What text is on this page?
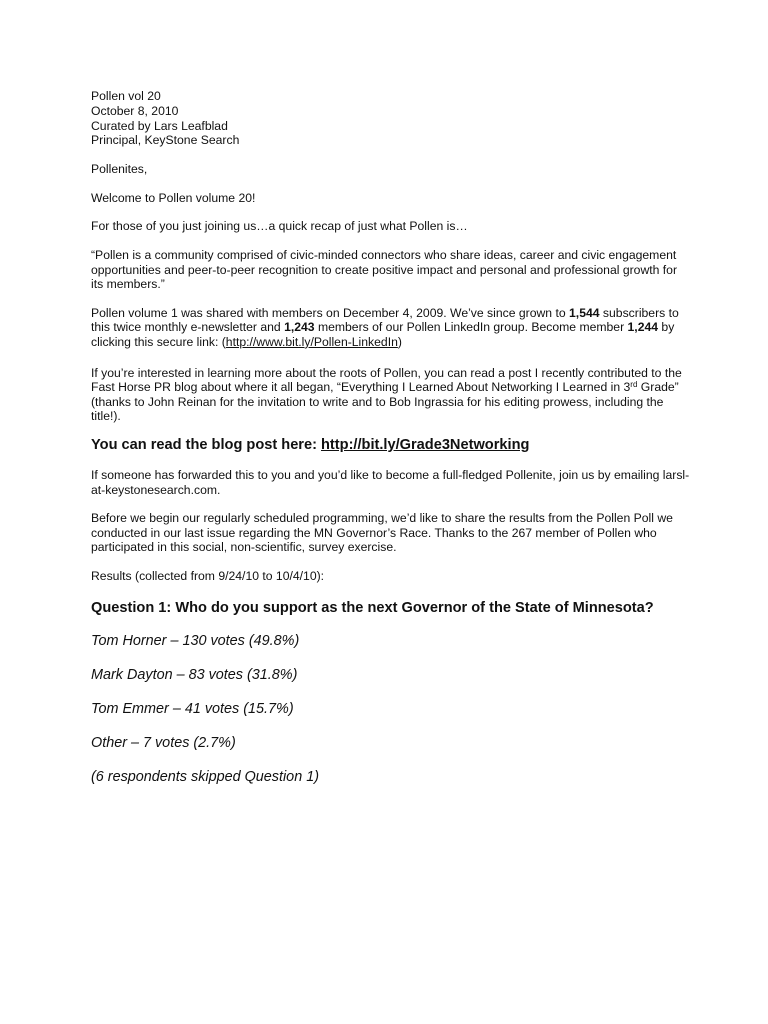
Pollen vol 20

October 8, 2010

Curated by Lars Leafblad

Principal, KeyStone Search

Pollenites,

Welcome to Pollen volume 20!

For those of you just joining us…a quick recap of just what Pollen is…

“Pollen is a community comprised of civic-minded connectors who share ideas, career and civic engagement opportunities and peer-to-peer recognition to create positive impact and personal and professional growth for its members.”

Pollen volume 1 was shared with members on December 4, 2009. We’ve since grown to 1,544 subscribers to this twice monthly e-newsletter and 1,243 members of our Pollen LinkedIn group. Become member 1,244 by clicking this secure link: (http://www.bit.ly/Pollen-LinkedIn)

If you’re interested in learning more about the roots of Pollen, you can read a post I recently contributed to the Fast Horse PR blog about where it all began, “Everything I Learned About Networking I Learned in 3rd Grade” (thanks to John Reinan for the invitation to write and to Bob Ingrassia for his editing prowess, including the title!).

You can read the blog post here: http://bit.ly/Grade3Networking

If someone has forwarded this to you and you’d like to become a full-fledged Pollenite, join us by emailing larsl-at-keystonesearch.com.

Before we begin our regularly scheduled programming, we’d like to share the results from the Pollen Poll we conducted in our last issue regarding the MN Governor’s Race. Thanks to the 267 member of Pollen who participated in this social, non-scientific, survey exercise.

Results (collected from 9/24/10 to 10/4/10):

Question 1: Who do you support as the next Governor of the State of Minnesota?

Tom Horner – 130 votes (49.8%)

Mark Dayton – 83 votes (31.8%)

Tom Emmer – 41 votes (15.7%)

Other – 7 votes (2.7%)

(6 respondents skipped Question 1)
